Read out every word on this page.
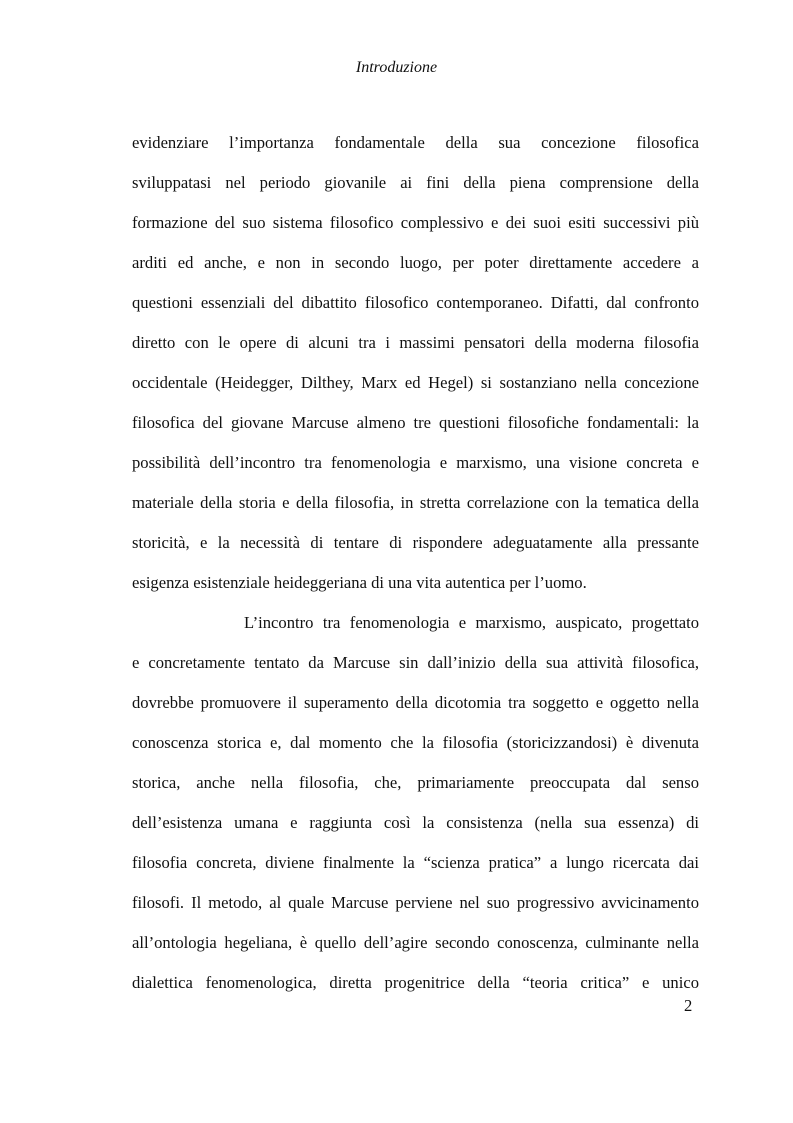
Introduzione
evidenziare l’importanza fondamentale della sua concezione filosofica
sviluppatasi nel periodo giovanile ai fini della piena comprensione della
formazione del suo sistema filosofico complessivo e dei suoi esiti successivi più
arditi ed anche, e non in secondo luogo, per poter direttamente accedere a
questioni essenziali del dibattito filosofico contemporaneo. Difatti, dal confronto
diretto con le opere di alcuni tra i massimi pensatori della moderna filosofia
occidentale (Heidegger, Dilthey, Marx ed Hegel) si sostanziano nella concezione
filosofica del giovane Marcuse almeno tre questioni filosofiche fondamentali: la
possibilità dell’incontro tra fenomenologia e marxismo, una visione concreta e
materiale della storia e della filosofia, in stretta correlazione con la tematica della
storicità, e la necessità di tentare di rispondere adeguatamente alla pressante
esigenza esistenziale heideggeriana di una vita autentica per l’uomo.
L’incontro tra fenomenologia e marxismo, auspicato, progettato
e concretamente tentato da Marcuse sin dall’inizio della sua attività filosofica,
dovrebbe promuovere il superamento della dicotomia tra soggetto e oggetto nella
conoscenza storica e, dal momento che la filosofia (storicizzandosi) è divenuta
storica, anche nella filosofia, che, primariamente preoccupata dal senso
dell’esistenza umana e raggiunta così la consistenza (nella sua essenza) di
filosofia concreta, diviene finalmente la “scienza pratica” a lungo ricercata dai
filosofi. Il metodo, al quale Marcuse perviene nel suo progressivo avvicinamento
all’ontologia hegeliana, è quello dell’agire secondo conoscenza, culminante nella
dialettica fenomenologica, diretta progenitrice della “teoria critica” e unico
2
